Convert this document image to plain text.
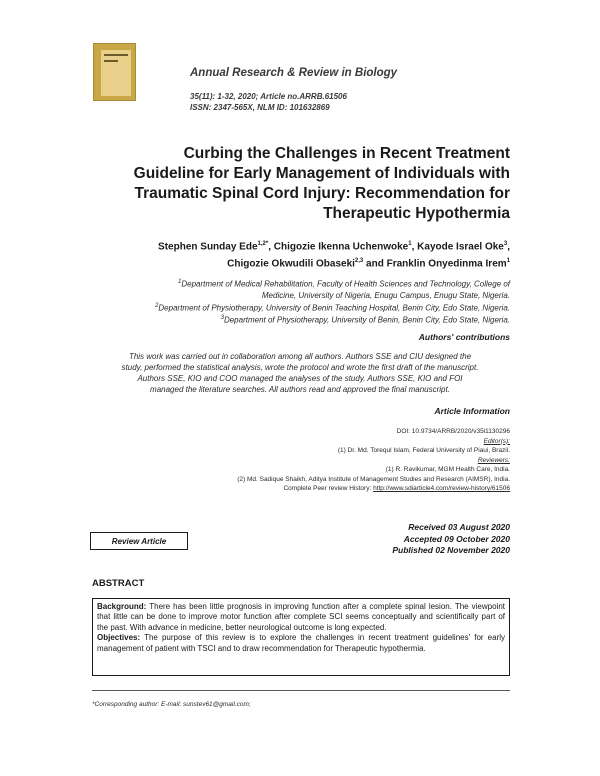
Annual Research & Review in Biology
35(11): 1-32, 2020; Article no.ARRB.61506
ISSN: 2347-565X, NLM ID: 101632869
Curbing the Challenges in Recent Treatment
Guideline for Early Management of Individuals with
Traumatic Spinal Cord Injury: Recommendation for
Therapeutic Hypothermia
Stephen Sunday Ede$^{1,2*}$, Chigozie Ikenna Uchenwoke$^1$, Kayode Israel Oke$^3$,
Chigozie Okwudili Obaseki$^{2,3}$ and Franklin Onyedinma Irem$^1$
$^1$Department of Medical Rehabilitation, Faculty of Health Sciences and Technology, College of
Medicine, University of Nigeria, Enugu Campus, Enugu State, Nigeria.
$^2$Department of Physiotherapy, University of Benin Teaching Hospital, Benin City, Edo State, Nigeria.
$^3$Department of Physiotherapy, University of Benin, Benin City, Edo State, Nigeria.
Authors' contributions
This work was carried out in collaboration among all authors. Authors SSE and CIU designed the
study, performed the statistical analysis, wrote the protocol and wrote the first draft of the manuscript.
Authors SSE, KIO and COO managed the analyses of the study. Authors SSE, KIO and FOI
managed the literature searches. All authors read and approved the final manuscript.
Article Information
DOI: 10.9734/ARRB/2020/v35i1130296
Editor(s):
(1) Dr. Md. Torequl Islam, Federal University of Piaui, Brazil.
Reviewers:
(1) R. Ravikumar, MGM Health Care, India.
(2) Md. Sadique Shaikh, Aditya Institute of Management Studies and Research (AIMSR), India.
Complete Peer review History: http://www.sdiarticle4.com/review-history/61506
Review Article
Received 03 August 2020
Accepted 09 October 2020
Published 02 November 2020
ABSTRACT

Background: There has been little prognosis in improving function after a complete spinal lesion. The viewpoint that little can be done to improve motor function after complete SCI seems conceptually and scientifically part of the past. With advance in medicine, better neurological outcome is long expected.

Objectives: The purpose of this review is to explore the challenges in recent treatment guidelines' for early management of patient with TSCI and to draw recommendation for Therapeutic hypothermia.

*Corresponding author: E-mail: sunstev61@gmail.com;
